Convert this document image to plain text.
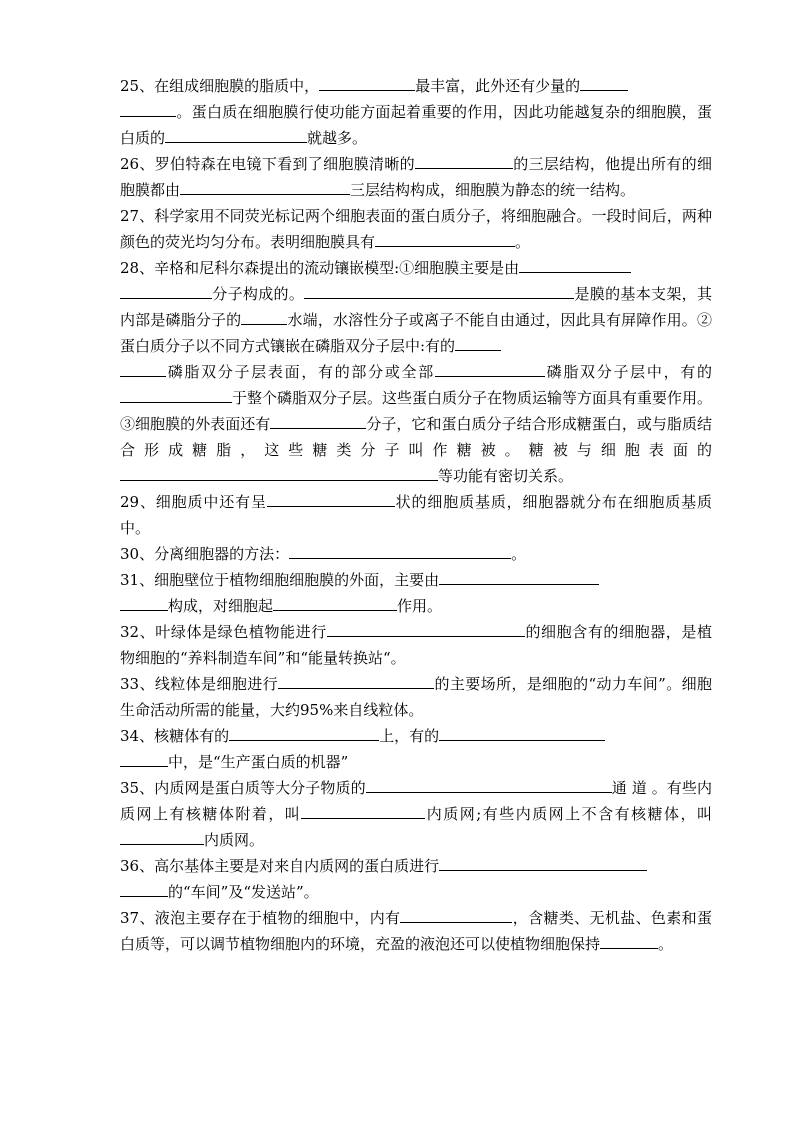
25、在组成细胞膜的脂质中，	最丰富，此外还有少量的
。蛋白质在细胞膜行使功能方面起着重要的作用，因此功能越复杂的细胞膜，蛋白质的	就越多。

26、罗伯特森在电镜下看到了细胞膜清晰的	的三层结构，他提出所有的细胞膜都由	三层结构构成，细胞膜为静态的统一结构。

27、科学家用不同荧光标记两个细胞表面的蛋白质分子，将细胞融合。一段时间后，两种颜色的荧光均匀分布。表明细胞膜具有	。

28、辛格和尼科尔森提出的流动镶嵌模型:①细胞膜主要是由
分子构成的。	是膜的基本支架，其内部是磷脂分子的	水端，水溶性分子或离子不能自由通过，因此具有屏障作用。②蛋白质分子以不同方式镶嵌在磷脂双分子层中:有的
磷脂双分子层表面，有的部分或全部	磷脂双分子层中，有的于整个磷脂双分子层。这些蛋白质分子在物质运输等方面具有重要作用。③细胞膜的外表面还有	分子，它和蛋白质分子结合形成糖蛋白，或与脂质结合形成糖脂，这些糖类分子叫作糖被。糖被与细胞表面的等功能有密切关系。

29、细胞质中还有呈	状的细胞质基质，细胞器就分布在细胞质基质中。

30、分离细胞器的方法：	。

31、细胞壁位于植物细胞细胞膜的外面，主要由
构成，对细胞起	作用。

32、叶绿体是绿色植物能进行	的细胞含有的细胞器，是植物细胞的“养料制造车间”和“能量转换站“。

33、线粒体是细胞进行	的主要场所，是细胞的“动力车间”。细胞生命活动所需的能量，大约95%来自线粒体。

34、核糖体有的	上，有的
中，是“生产蛋白质的机器”

35、内质网是蛋白质等大分子物质的	通 道 。有些内质网上有核糖体附着，叫	内质网;有些内质网上不含有核糖体，叫内质网。

36、高尔基体主要是对来自内质网的蛋白质进行
的“车间”及“发送站”。

37、液泡主要存在于植物的细胞中，内有	，含糖类、无机盐、色素和蛋白质等，可以调节植物细胞内的环境，充盈的液泡还可以使植物细胞保持	。
